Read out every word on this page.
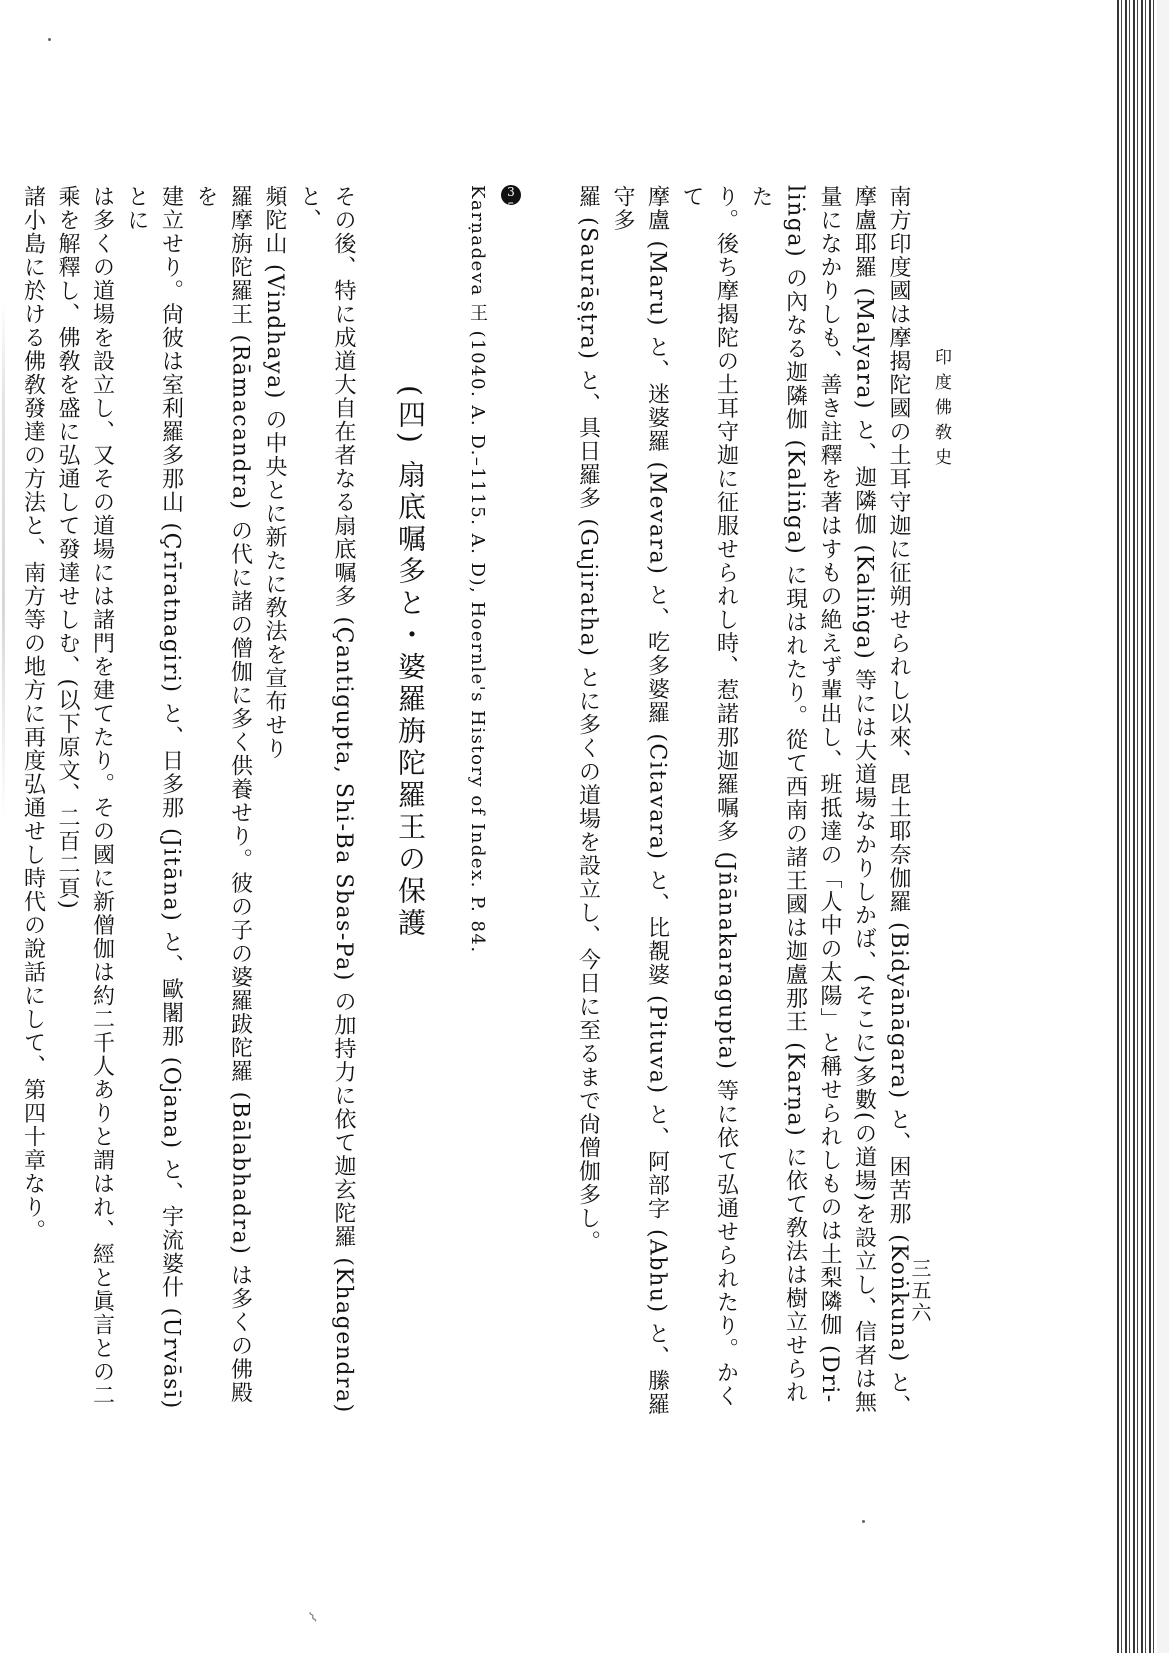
印度佛敎史
三五六

南方印度國は摩揭陀國の土耳守迦に征朔せられし以來、毘土耶奈伽羅 (Bidyānāgara) と、困苦那 (Koṅkuna) と、
摩盧耶羅 (Malyara) と、迦隣伽 (Kaliṅga) 等には大道場なかりしかば、(そこに)多數(の道場)を設立し、信者は無
量になかりしも、善き註釋を著はすもの絶えず輩出し、班抵達の「人中の太陽」と稱せられしものは土梨隣伽 (Dri-
liṅga) の內なる迦隣伽 (Kaliṅga) に現はれたり。從て西南の諸王國は迦盧那王 (Karṇa) に依て敎法は樹立せられた
り。後ち摩揭陀の土耳守迦に征服せられし時、惹諾那迦羅嘱多 (Jñānakaragupta) 等に依て弘通せられたり。かくて
摩盧 (Maru) と、迷婆羅 (Mevara) と、吃多婆羅 (Citavara) と、比覩婆 (Pituva) と、阿部字 (Abhu) と、縢羅守多
羅 (Saurāṣṭra) と、具日羅多 (Gujiratha) とに多くの道場を設立し、今日に至るまで尙僧伽多し。

35
Karṇadeva 王 (1040. A. D.–1115. A. D), Hoernle's History of Index. P. 84.

(四) 扇底嘱多と・婆羅旃陀羅王の保護

その後、特に成道大自在者なる扇底嘱多 (Çantigupta, Shi-Ba Sbas-Pa) の加持力に依て迦玄陀羅 (Khagendra) と、
頻陀山 (Vindhaya) の中央とに新たに敎法を宣布せり
羅摩旃陀羅王 (Rāmacandra) の代に諸の僧伽に多く供養せり。彼の子の婆羅跋陀羅 (Bālabhadra) は多くの佛殿を
建立せり。尙彼は室利羅多那山 (Çrīratnagiri) と、日多那 (Jitāna) と、歐闍那 (Ojana) と、宇流婆什 (Urvāsī) とに
は多くの道場を設立し、又その道場には諸門を建てたり。その國に新僧伽は約二千人ありと謂はれ、經と眞言との二
乘を解釋し、佛敎を盛に弘通して發達せしむ、(以下原文、二百二頁)
諸小島に於ける佛敎發達の方法と、南方等の地方に再度弘通せし時代の說話にして、第四十章なり。

⌇
